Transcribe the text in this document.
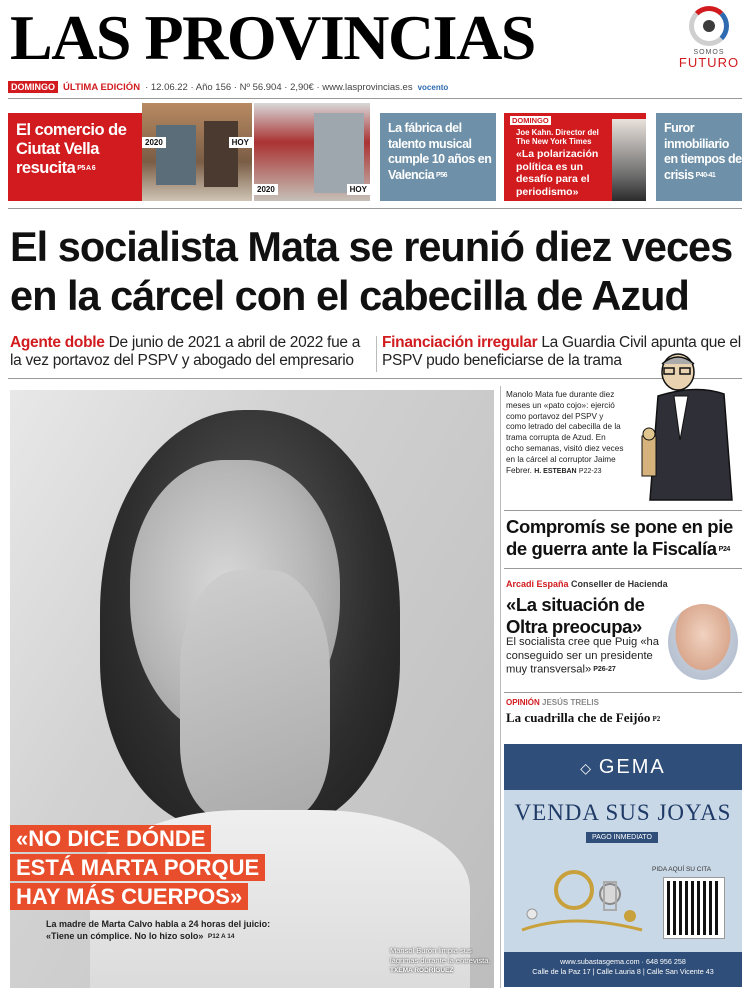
LAS PROVINCIAS	SOMOS
FUTURO
DOMINGO ÚLTIMA EDICIÓN · 12.06.22 · Año 156 · Nº 56.904 · 2,90€ · www.lasprovincias.es vocento
El comercio de Ciutat Vella resucita P5 A 6
2020	HOY
2020	HOY
La fábrica del talento musical cumple 10 años en Valencia P56
DOMINGO
Joe Kahn. Director del The New York Times
«La polarización política es un desafío para el periodismo»
Furor inmobiliario en tiempos de crisis P40-41
El socialista Mata se reunió diez veces en la cárcel con el cabecilla de Azud
Agente doble De junio de 2021 a abril de 2022 fue a la vez portavoz del PSPV y abogado del empresario
Financiación irregular La Guardia Civil apunta que el PSPV pudo beneficiarse de la trama
«NO DICE DÓNDE ESTÁ MARTA PORQUE HAY MÁS CUERPOS»
La madre de Marta Calvo habla a 24 horas del juicio: «Tiene un cómplice. No lo hizo solo» P12 A 14
Marisol Burón limpia sus lágrimas durante la entrevista. TXEMA RODRÍGUEZ
Manolo Mata fue durante diez meses un «pato cojo»: ejerció como portavoz del PSPV y como letrado del cabecilla de la trama corrupta de Azud. En ocho semanas, visitó diez veces en la cárcel al corruptor Jaime Febrer. H. ESTEBAN P22-23
Compromís se pone en pie de guerra ante la Fiscalía P24
Arcadi España Conseller de Hacienda
«La situación de Oltra preocupa»
El socialista cree que Puig «ha conseguido ser un presidente muy transversal» P26-27
OPINIÓN JESÚS TRELIS
La cuadrilla che de Feijóo P2
◇ GEMA
VENDA SUS JOYAS
PAGO INMEDIATO
PIDA AQUÍ SU CITA
www.subastasgema.com · 648 956 258
Calle de la Paz 17 | Calle Lauria 8 | Calle San Vicente 43
